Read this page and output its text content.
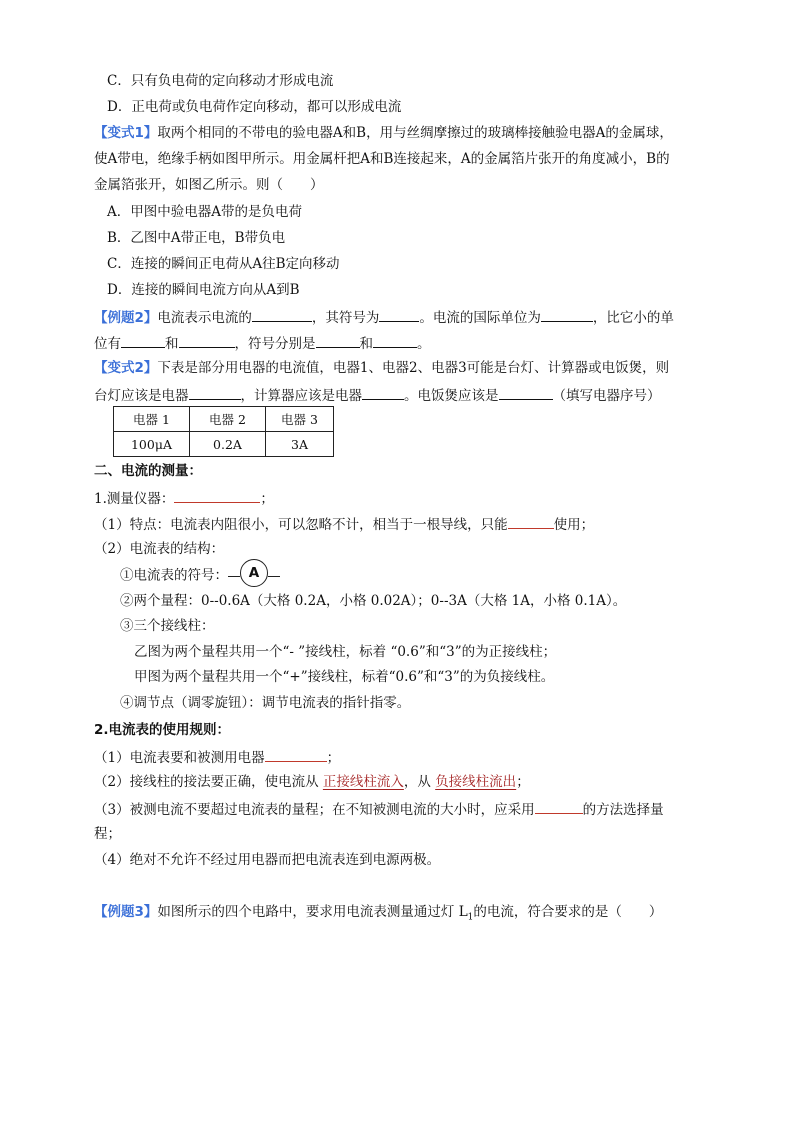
C．只有负电荷的定向移动才形成电流
D．正电荷或负电荷作定向移动，都可以形成电流
【变式1】取两个相同的不带电的验电器A和B，用与丝绸摩擦过的玻璃棒接触验电器A的金属球，
使A带电，绝缘手柄如图甲所示。用金属杆把A和B连接起来，A的金属箔片张开的角度减小，B的
金属箔张开，如图乙所示。则（　　）
A．甲图中验电器A带的是负电荷
B．乙图中A带正电，B带负电
C．连接的瞬间正电荷从A往B定向移动
D．连接的瞬间电流方向从A到B
【例题2】电流表示电流的	，其符号为	。电流的国际单位为	，比它小的单
位有	和	，符号分别是	和	。
【变式2】下表是部分用电器的电流值，电器1、电器2、电器3可能是台灯、计算器或电饭煲，则
台灯应该是电器	，计算器应该是电器	。电饭煲应该是	（填写电器序号）
电器 1	电器 2	电器 3
100μA	0.2A	3A
二、电流的测量：
1.测量仪器：	；
（1）特点：电流表内阻很小，可以忽略不计，相当于一根导线，只能	使用；
（2）电流表的结构：
①电流表的符号： A
②两个量程：0--0.6A（大格 0.2A，小格 0.02A）；0--3A（大格 1A，小格 0.1A）。
③三个接线柱：
乙图为两个量程共用一个“- ”接线柱，标着 “0.6”和“3”的为正接线柱；
甲图为两个量程共用一个“+”接线柱，标着“0.6”和“3”的为负接线柱。
④调节点（调零旋钮）：调节电流表的指针指零。
2.电流表的使用规则：
（1）电流表要和被测用电器	；
（2）接线柱的接法要正确，使电流从 正接线柱流入，从 负接线柱流出；
（3）被测电流不要超过电流表的量程；在不知被测电流的大小时，应采用	的方法选择量
程；
（4）绝对不允许不经过用电器而把电流表连到电源两极。
【例题3】如图所示的四个电路中，要求用电流表测量通过灯 $L_1$的电流，符合要求的是（　　）
